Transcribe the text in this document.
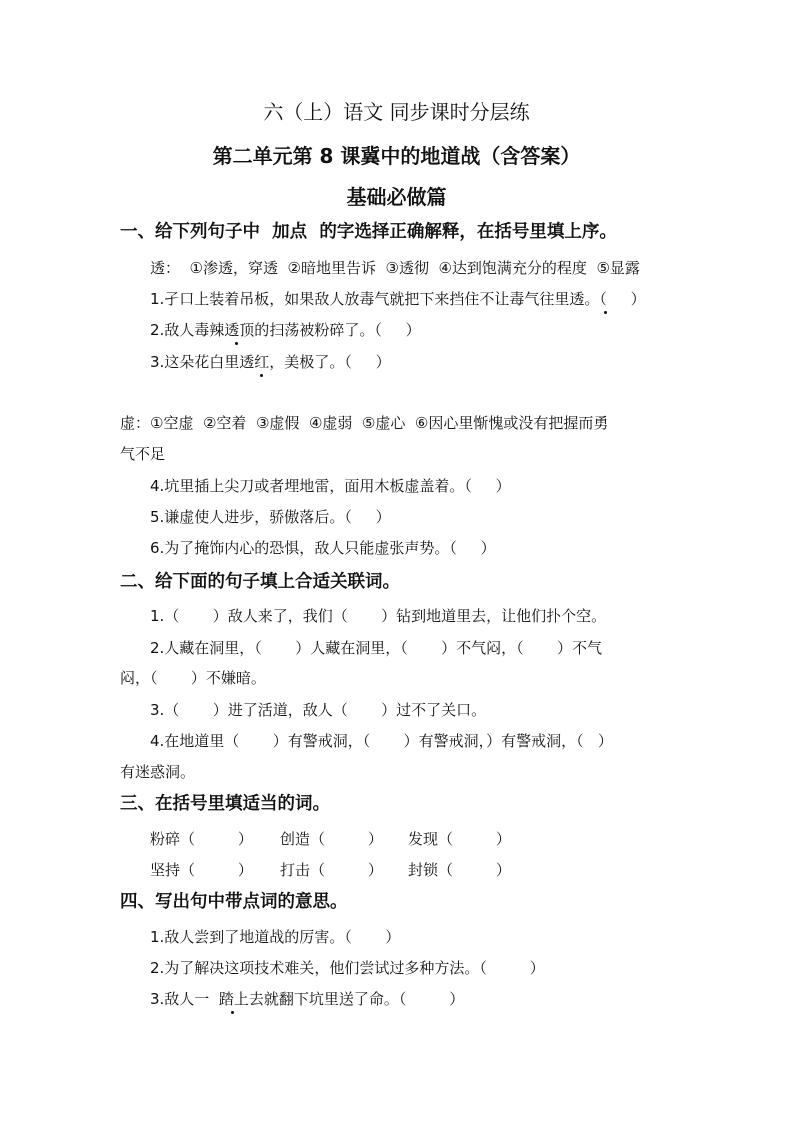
六（上）语文 同步课时分层练
第二单元第 8 课冀中的地道战（含答案）
基础必做篇
一、给下列句子中  加点  的字选择正确解释，在括号里填上序。
透：  ①渗透，穿透  ②暗地里告诉  ③透彻  ④达到饱满充分的程度  ⑤显露
1.孑口上装着吊板，如果敌人放毒气就把下来挡住不让毒气往里透。（     ）
2.敌人毒辣透顶的扫荡被粉碎了。（     ）
3.这朵花白里透红，美极了。（     ）
虚：①空虚  ②空着  ③虚假  ④虚弱  ⑤虚心  ⑥因心里惭愧或没有把握而勇
气不足
4.坑里插上尖刀或者埋地雷，面用木板虚盖着。（     ）
5.谦虚使人进步，骄傲落后。（     ）
6.为了掩饰内心的恐惧，敌人只能虚张声势。（     ）
二、给下面的句子填上合适关联词。
1.（       ）敌人来了，我们（       ）钻到地道里去，让他们扑个空。
2.人藏在洞里，（       ）人藏在洞里，（       ）不气闷，（       ）不气
闷，（       ）不嫌暗。
3.（       ）进了活道，敌人（       ）过不了关口。
4.在地道里（       ）有警戒洞，（       ）有警戒洞，）有警戒洞，（   ）
有迷惑洞。
三、在括号里填适当的词。
粉碎（         ） 创造（         ） 发现（         ）
坚持（         ） 打击（         ） 封锁（         ）
四、写出句中带点词的意思。
1.敌人尝到了地道战的厉害。（       ）
2.为了解决这项技术难关，他们尝试过多种方法。（         ）
3.敌人一  踏上去就翻下坑里送了命。（         ）
